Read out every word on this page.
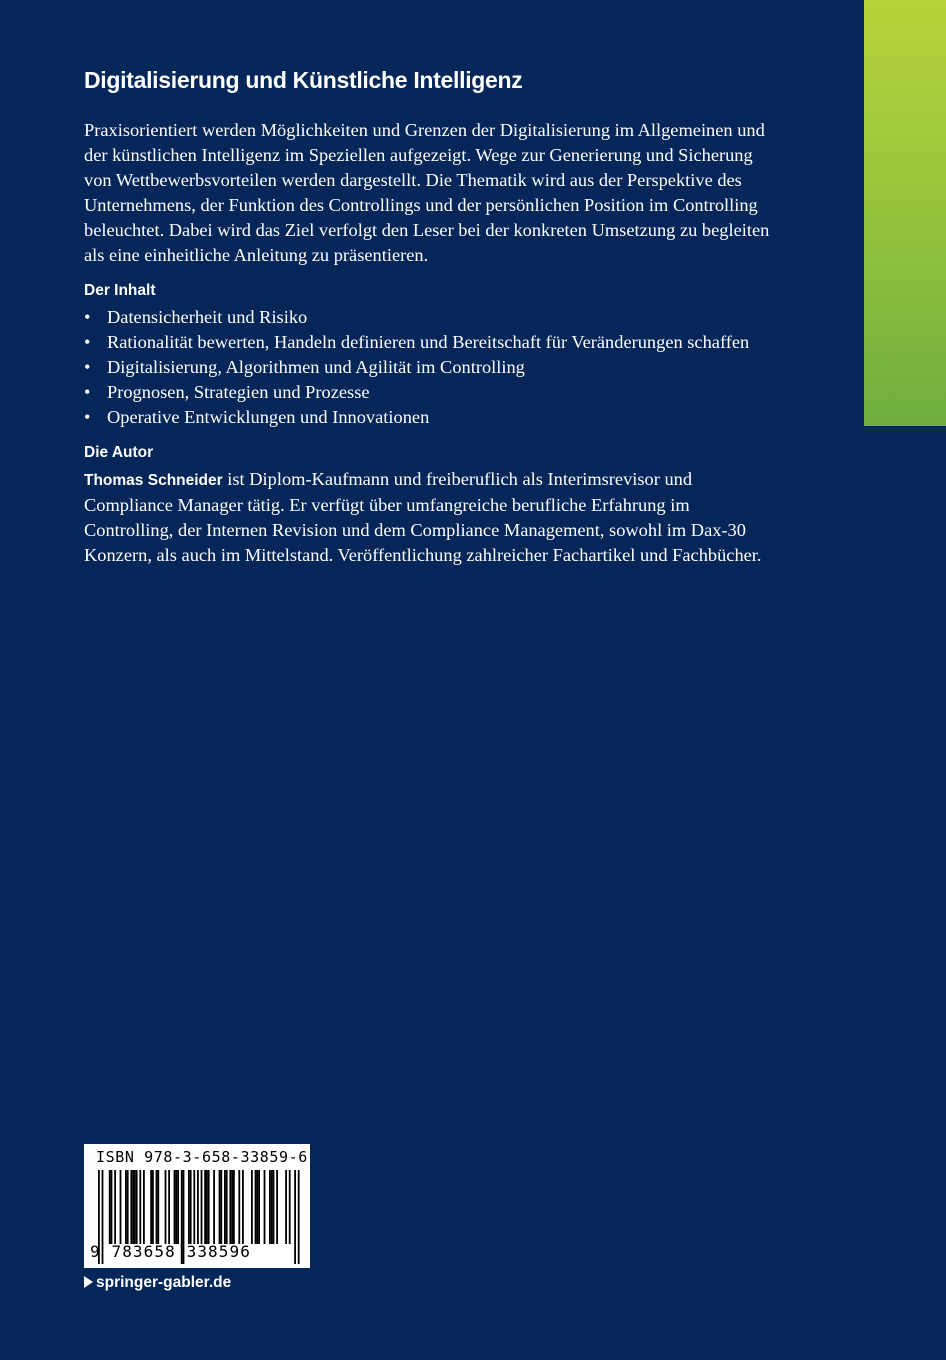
Digitalisierung und Künstliche Intelligenz

Praxisorientiert werden Möglichkeiten und Grenzen der Digitalisierung im Allgemeinen und der künstlichen Intelligenz im Speziellen aufgezeigt. Wege zur Generierung und Sicherung von Wettbewerbsvorteilen werden dargestellt. Die Thematik wird aus der Perspektive des Unternehmens, der Funktion des Controllings und der persönlichen Position im Controlling beleuchtet. Dabei wird das Ziel verfolgt den Leser bei der konkreten Umsetzung zu begleiten als eine einheitliche Anleitung zu präsentieren.

Der Inhalt
• Datensicherheit und Risiko
• Rationalität bewerten, Handeln definieren und Bereitschaft für Veränderungen schaffen
• Digitalisierung, Algorithmen und Agilität im Controlling
• Prognosen, Strategien und Prozesse
• Operative Entwicklungen und Innovationen
Die Autor

Thomas Schneider ist Diplom-Kaufmann und freiberuflich als Interimsrevisor und Compliance Manager tätig. Er verfügt über umfangreiche berufliche Erfahrung im Controlling, der Internen Revision und dem Compliance Management, sowohl im Dax-30 Konzern, als auch im Mittelstand. Veröffentlichung zahlreicher Fachartikel und Fachbücher.

ISBN 978-3-658-33859-6
9 783658 338596
springer-gabler.de
